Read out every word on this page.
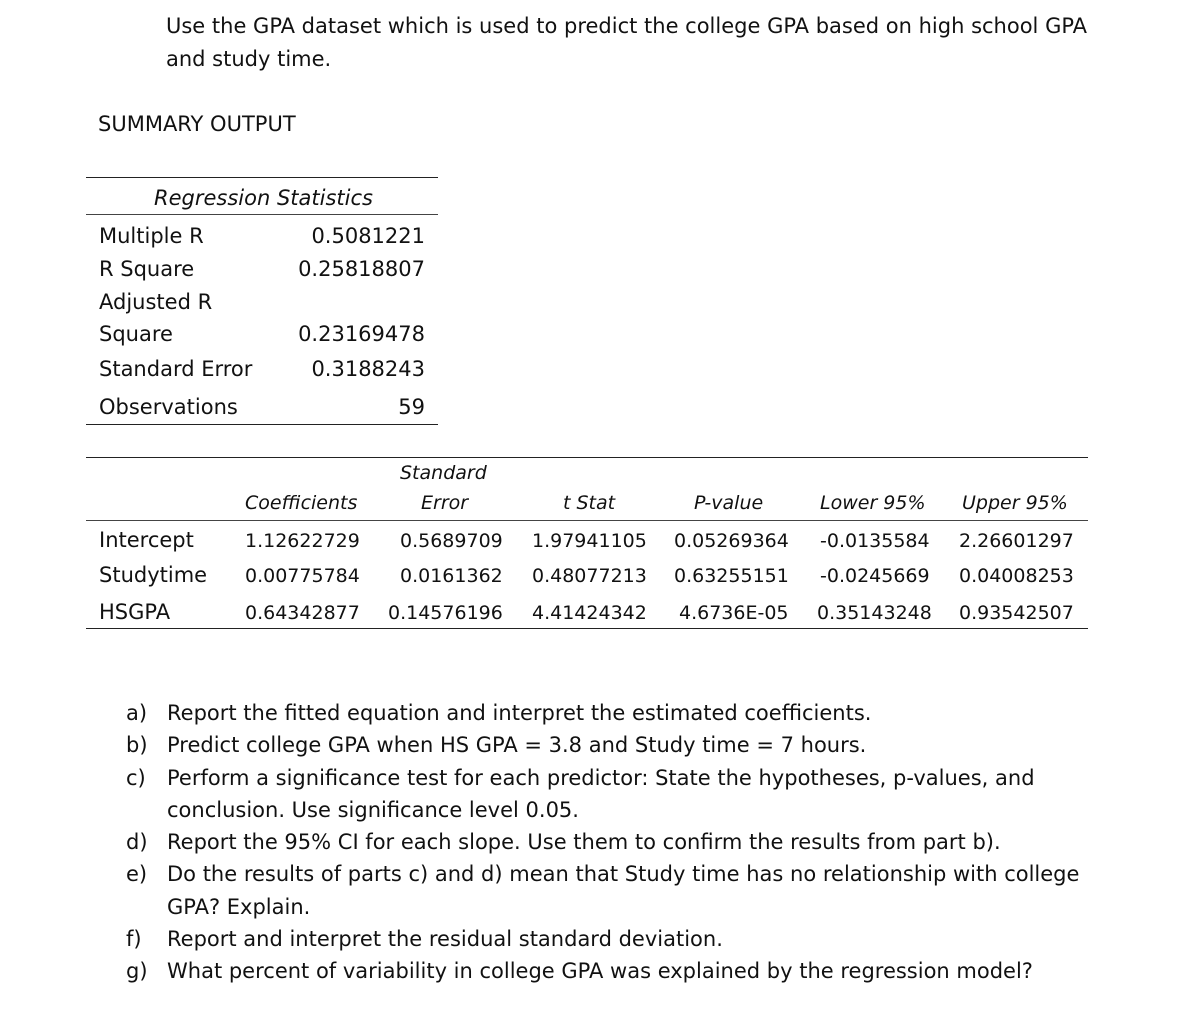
Use the GPA dataset which is used to predict the college GPA based on high school GPA
and study time.
SUMMARY OUTPUT
Regression Statistics
Multiple R	0.5081221
R Square	0.25818807
Adjusted R
Square	0.23169478
Standard Error	0.3188243
Observations	59
Standard
Coefficients	Error	t Stat	P-value	Lower 95% Upper 95%
Intercept	1.12622729 0.5689709 1.97941105 0.05269364 -0.0135584 2.26601297
Studytime 0.00775784 0.0161362 0.48077213 0.63255151 -0.0245669 0.04008253
HSGPA	0.64342877 0.14576196 4.41424342 4.6736E-05 0.35143248 0.93542507
a) Report the fitted equation and interpret the estimated coefficients.
b) Predict college GPA when HS GPA = 3.8 and Study time = 7 hours.
c)	Perform a significance test for each predictor: State the hypotheses, p-values, and
conclusion. Use significance level 0.05.
d) Report the 95% CI for each slope. Use them to confirm the results from part b).
e) Do the results of parts c) and d) mean that Study time has no relationship with college
GPA? Explain.
f)	Report and interpret the residual standard deviation.
g) What percent of variability in college GPA was explained by the regression model?
